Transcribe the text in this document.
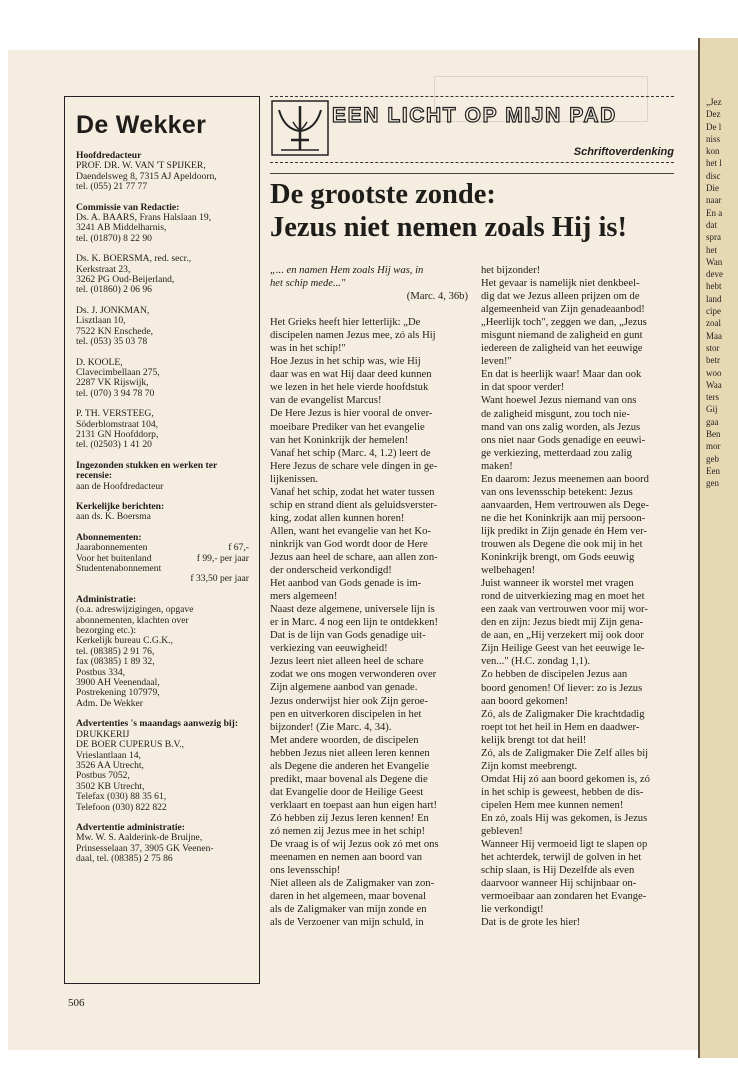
„Jez
Dez
De l
niss
kon
het l
disc
Die
naar
En a
dat
spra
het
Wan
deve
hebt
land
cipe
zoal
Maa
stor
betr
woo
Waa
ters
Gij
gaa
Ben
mor
geb
Een
gen
De Wekker
Hoofdredacteur
PROF. DR. W. VAN 'T SPIJKER,
Daendelsweg 8, 7315 AJ Apeldoorn,
tel. (055) 21 77 77
Commissie van Redactie:
Ds. A. BAARS, Frans Halslaan 19,
3241 AB Middelharnis,
tel. (01870) 8 22 90
Ds. K. BOERSMA, red. secr.,
Kerkstraat 23,
3262 PG Oud-Beijerland,
tel. (01860) 2 06 96
Ds. J. JONKMAN,
Lisztlaan 10,
7522 KN Enschede,
tel. (053) 35 03 78
D. KOOLE,
Clavecimbellaan 275,
2287 VK Rijswijk,
tel. (070) 3 94 78 70
P. TH. VERSTEEG,
Söderblomstraat 104,
2131 GN Hoofddorp,
tel. (02503) 1 41 20
Ingezonden stukken en werken ter recensie:
aan de Hoofdredacteur
Kerkelijke berichten:
aan ds. K. Boersma
Abonnementen:
Jaarabonnementen	f 67,-
Voor het buitenland	f 99,- per jaar
Studentenabonnement
f 33,50 per jaar
Administratie:
(o.a. adreswijzigingen, opgave
abonnementen, klachten over
bezorging etc.):
Kerkelijk bureau C.G.K.,
tel. (08385) 2 91 76,
fax (08385) 1 89 32,
Postbus 334,
3900 AH Veenendaal,
Postrekening 107979,
Adm. De Wekker
Advertenties 's maandags aanwezig bij:
DRUKKERIJ
DE BOER CUPERUS B.V.,
Vrieslantlaan 14,
3526 AA Utrecht,
Postbus 7052,
3502 KB Utrecht,
Telefax (030) 88 35 61,
Telefoon (030) 822 822
Advertentie administratie:
Mw. W. S. Aalderink-de Bruijne,
Prinsesselaan 37, 3905 GK Veenen-
daal, tel. (08385) 2 75 86
EEN LICHT OP MIJN PAD
Schriftoverdenking
De grootste zonde:
Jezus niet nemen zoals Hij is!

„... en namen Hem zoals Hij was, in

het schip mede..."

(Marc. 4, 36b)

Het Grieks heeft hier letterlijk: „De

discipelen namen Jezus mee, zó als Hij

was in het schip!"

Hoe Jezus in het schip was, wie Hij

daar was en wat Hij daar deed kunnen

we lezen in het hele vierde hoofdstuk

van de evangelist Marcus!

De Here Jezus is hier vooral de onver-

moeibare Prediker van het evangelie

van het Koninkrijk der hemelen!

Vanaf het schip (Marc. 4, 1.2) leert de

Here Jezus de schare vele dingen in ge-

lijkenissen.

Vanaf het schip, zodat het water tussen

schip en strand dient als geluidsverster-

king, zodat allen kunnen horen!

Allen, want het evangelie van het Ko-

ninkrijk van God wordt door de Here

Jezus aan heel de schare, aan allen zon-

der onderscheid verkondigd!

Het aanbod van Gods genade is im-

mers algemeen!

Naast deze algemene, universele lijn is

er in Marc. 4 nog een lijn te ontdekken!

Dat is de lijn van Gods genadige uit-

verkiezing van eeuwigheid!

Jezus leert niet alleen heel de schare

zodat we ons mogen verwonderen over

Zijn algemene aanbod van genade.

Jezus onderwijst hier ook Zijn geroe-

pen en uitverkoren discipelen in het

bijzonder! (Zie Marc. 4, 34).

Met andere woorden, de discipelen

hebben Jezus niet alleen leren kennen

als Degene die anderen het Evangelie

predikt, maar bovenal als Degene die

dat Evangelie door de Heilige Geest

verklaart en toepast aan hun eigen hart!

Zó hebben zij Jezus leren kennen! En

zó nemen zij Jezus mee in het schip!

De vraag is of wij Jezus ook zó met ons

meenamen en nemen aan boord van

ons levensschip!

Niet alleen als de Zaligmaker van zon-

daren in het algemeen, maar bovenal

als de Zaligmaker van mijn zonde en

als de Verzoener van mijn schuld, in

het bijzonder!

Het gevaar is namelijk niet denkbeel-

dig dat we Jezus alleen prijzen om de

algemeenheid van Zijn genadeaanbod!

„Heerlijk toch", zeggen we dan, „Jezus

misgunt niemand de zaligheid en gunt

iedereen de zaligheid van het eeuwige

leven!"

En dat is heerlijk waar! Maar dan ook

in dat spoor verder!

Want hoewel Jezus niemand van ons

de zaligheid misgunt, zou toch nie-

mand van ons zalig worden, als Jezus

ons niet naar Gods genadige en eeuwi-

ge verkiezing, metterdaad zou zalig

maken!

En daarom: Jezus meenemen aan boord

van ons levensschip betekent: Jezus

aanvaarden, Hem vertrouwen als Dege-

ne die het Koninkrijk aan mij persoon-

lijk predikt in Zijn genade én Hem ver-

trouwen als Degene die ook mij in het

Koninkrijk brengt, om Gods eeuwig

welbehagen!

Juist wanneer ik worstel met vragen

rond de uitverkiezing mag en moet het

een zaak van vertrouwen voor mij wor-

den en zijn: Jezus biedt mij Zijn gena-

de aan, en „Hij verzekert mij ook door

Zijn Heilige Geest van het eeuwige le-

ven..." (H.C. zondag 1,1).

Zo hebben de discipelen Jezus aan

boord genomen! Of liever: zo is Jezus

aan boord gekomen!

Zó, als de Zaligmaker Die krachtdadig

roept tot het heil in Hem en daadwer-

kelijk brengt tot dat heil!

Zó, als de Zaligmaker Die Zelf alles bij

Zijn komst meebrengt.

Omdat Hij zó aan boord gekomen is, zó

in het schip is geweest, hebben de dis-

cipelen Hem mee kunnen nemen!

En zó, zoals Hij was gekomen, is Jezus

gebleven!

Wanneer Hij vermoeid ligt te slapen op

het achterdek, terwijl de golven in het

schip slaan, is Hij Dezelfde als even

daarvoor wanneer Hij schijnbaar on-

vermoeibaar aan zondaren het Evange-

lie verkondigt!

Dat is de grote les hier!

506
